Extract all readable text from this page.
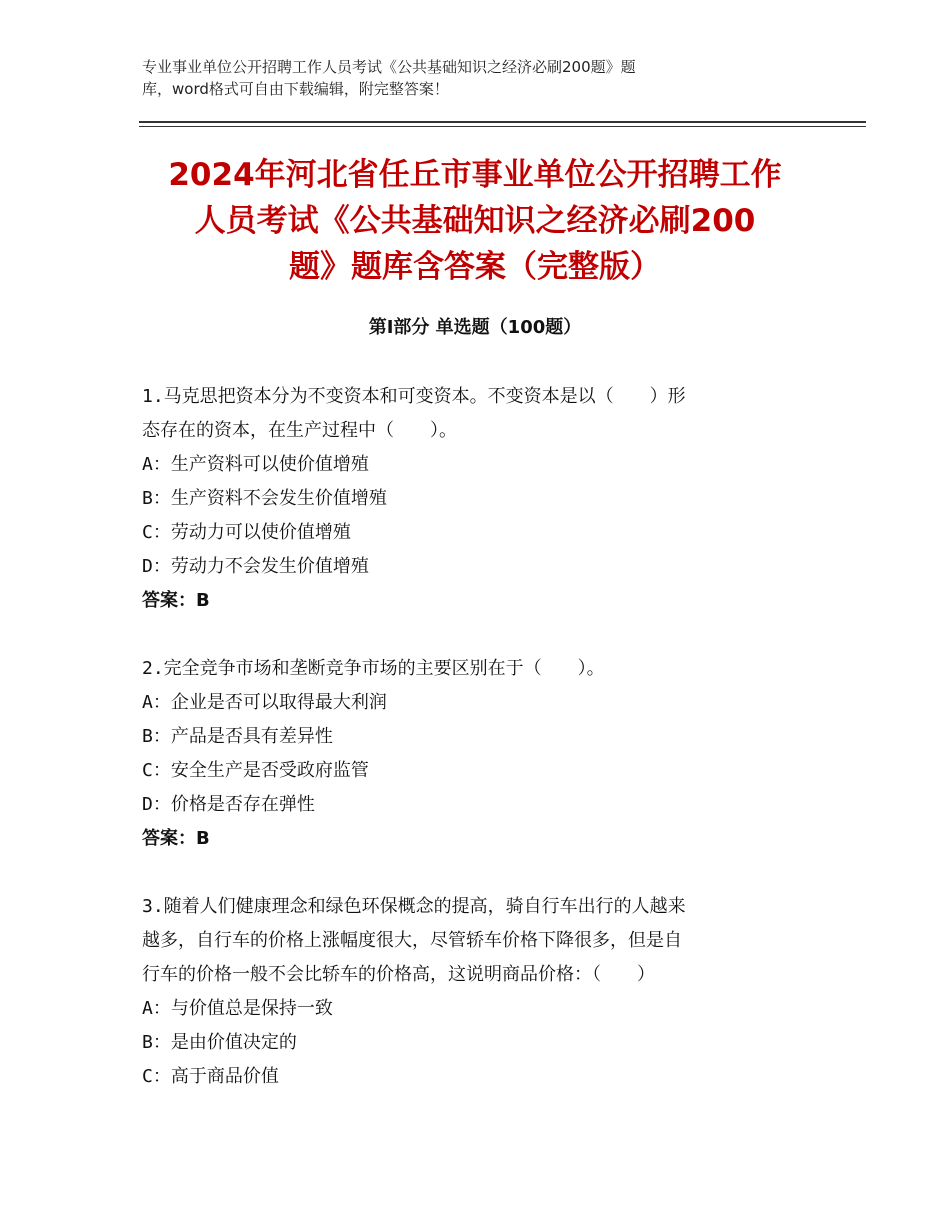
专业事业单位公开招聘工作人员考试《公共基础知识之经济必刷200题》题

库，word格式可自由下载编辑，附完整答案！

2024年河北省任丘市事业单位公开招聘工作

人员考试《公共基础知识之经济必刷200

题》题库含答案（完整版）

第Ⅰ部分 单选题（100题）

1.马克思把资本分为不变资本和可变资本。不变资本是以（　　）形

态存在的资本，在生产过程中（　　）。

A：生产资料可以使价值增殖

B：生产资料不会发生价值增殖

C：劳动力可以使价值增殖

D：劳动力不会发生价值增殖

答案：B

2.完全竞争市场和垄断竞争市场的主要区别在于（　　）。

A：企业是否可以取得最大利润

B：产品是否具有差异性

C：安全生产是否受政府监管

D：价格是否存在弹性

答案：B

3.随着人们健康理念和绿色环保概念的提高，骑自行车出行的人越来

越多，自行车的价格上涨幅度很大，尽管轿车价格下降很多，但是自

行车的价格一般不会比轿车的价格高，这说明商品价格：（　　）

A：与价值总是保持一致

B：是由价值决定的

C：高于商品价值
